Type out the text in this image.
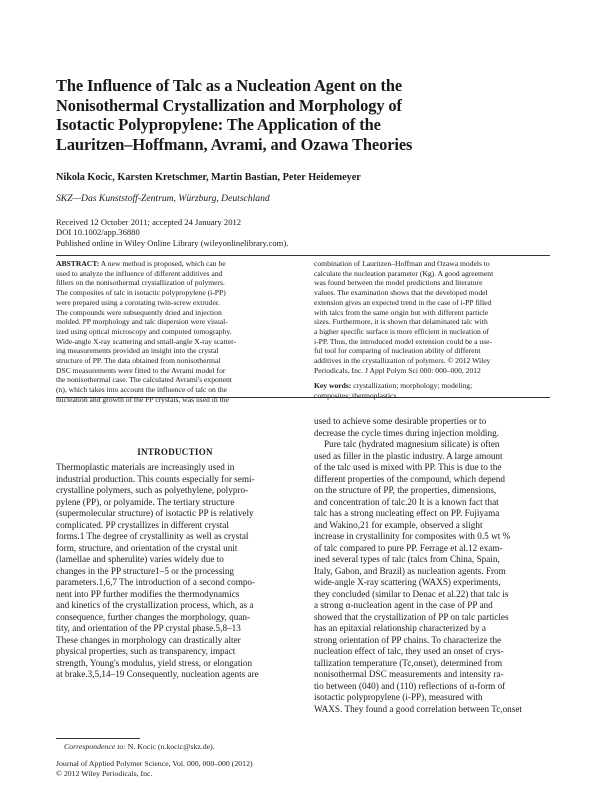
The Influence of Talc as a Nucleation Agent on the
Nonisothermal Crystallization and Morphology of
Isotactic Polypropylene: The Application of the
Lauritzen–Hoffmann, Avrami, and Ozawa Theories
Nikola Kocic, Karsten Kretschmer, Martin Bastian, Peter Heidemeyer
SKZ—Das Kunststoff-Zentrum, Würzburg, Deutschland
Received 12 October 2011; accepted 24 January 2012
DOI 10.1002/app.36880
Published online in Wiley Online Library (wileyonlinelibrary.com).
ABSTRACT: A new method is proposed, which can be
used to analyze the influence of different additives and
fillers on the nonisothermal crystallization of polymers.
The composites of talc in isotactic polypropylene (i-PP)
were prepared using a corotating twin-screw extruder.
The compounds were subsequently dried and injection
molded. PP morphology and talc dispersion were visual-
ized using optical microscopy and computed tomography.
Wide-angle X-ray scattering and small-angle X-ray scatter-
ing measurements provided an insight into the crystal
structure of PP. The data obtained from nonisothermal
DSC measurements were fitted to the Avrami model for
the nonisothermal case. The calculated Avrami's exponent
(n), which takes into account the influence of talc on the
nucleation and growth of the PP crystals, was used in the
combination of Lauritzen–Hoffman and Ozawa models to
calculate the nucleation parameter (Kg). A good agreement
was found between the model predictions and literature
values. The examination shows that the developed model
extension gives an expected trend in the case of i-PP filled
with talcs from the same origin but with different particle
sizes. Furthermore, it is shown that delaminated talc with
a higher specific surface is more efficient in nucleation of
i-PP. Thus, the introduced model extension could be a use-
ful tool for comparing of nucleation ability of different
additives in the crystallization of polymers. © 2012 Wiley
Periodicals, Inc. J Appl Polym Sci 000: 000–000, 2012
Key words: crystallization; morphology; modeling;
composites; thermoplastics
INTRODUCTION
Thermoplastic materials are increasingly used in
industrial production. This counts especially for semi-
crystalline polymers, such as polyethylene, polypro-
pylene (PP), or polyamide. The tertiary structure
(supermolecular structure) of isotactic PP is relatively
complicated. PP crystallizes in different crystal
forms.1 The degree of crystallinity as well as crystal
form, structure, and orientation of the crystal unit
(lamellae and spherulite) varies widely due to
changes in the PP structure1–5 or the processing
parameters.1,6,7 The introduction of a second compo-
nent into PP further modifies the thermodynamics
and kinetics of the crystallization process, which, as a
consequence, further changes the morphology, quan-
tity, and orientation of the PP crystal phase.5,8–13
These changes in morphology can drastically alter
physical properties, such as transparency, impact
strength, Young's modulus, yield stress, or elongation
at brake.3,5,14–19 Consequently, nucleation agents are
used to achieve some desirable properties or to
decrease the cycle times during injection molding.
Pure talc (hydrated magnesium silicate) is often
used as filler in the plastic industry. A large amount
of the talc used is mixed with PP. This is due to the
different properties of the compound, which depend
on the structure of PP, the properties, dimensions,
and concentration of talc.20 It is a known fact that
talc has a strong nucleating effect on PP. Fujiyama
and Wakino,21 for example, observed a slight
increase in crystallinity for composites with 0.5 wt %
of talc compared to pure PP. Ferrage et al.12 exam-
ined several types of talc (talcs from China, Spain,
Italy, Gabon, and Brazil) as nucleation agents. From
wide-angle X-ray scattering (WAXS) experiments,
they concluded (similar to Denac et al.22) that talc is
a strong α-nucleation agent in the case of PP and
showed that the crystallization of PP on talc particles
has an epitaxial relationship characterized by a
strong orientation of PP chains. To characterize the
nucleation effect of talc, they used an onset of crys-
tallization temperature (Tc,onset), determined from
nonisothermal DSC measurements and intensity ra-
tio between (040) and (110) reflections of α-form of
isotactic polypropylene (i-PP), measured with
WAXS. They found a good correlation between Tc,onset
Correspondence to: N. Kocic (n.kocic@skz.de).
Journal of Applied Polymer Science, Vol. 000, 000–000 (2012)
© 2012 Wiley Periodicals, Inc.
